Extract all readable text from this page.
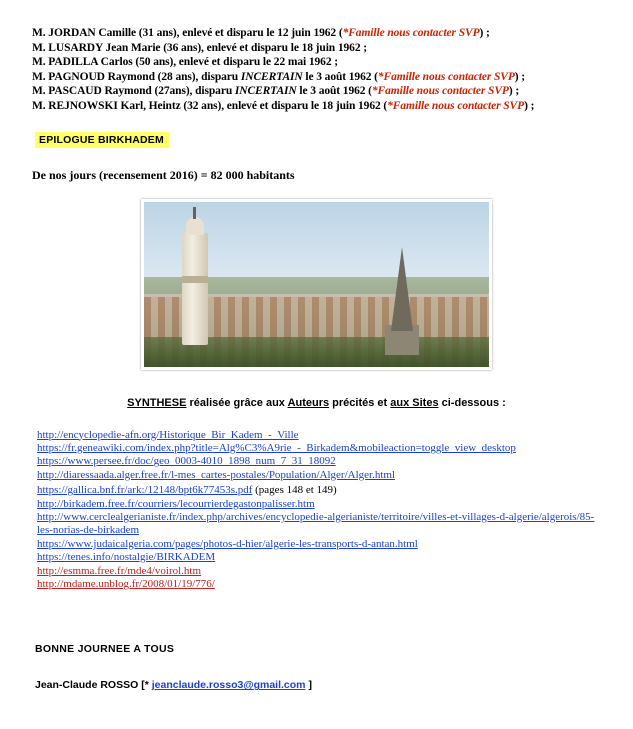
M. JORDAN Camille (31 ans), enlevé et disparu le 12 juin 1962 (*Famille nous contacter SVP) ;
M. LUSARDY Jean Marie (36 ans), enlevé et disparu le 18 juin 1962 ;
M. PADILLA Carlos (50 ans), enlevé et disparu le 22 mai 1962 ;
M. PAGNOUD Raymond (28 ans), disparu INCERTAIN le 3 août 1962 (*Famille nous contacter SVP) ;
M. PASCAUD Raymond (27ans), disparu INCERTAIN le 3 août 1962 (*Famille nous contacter SVP) ;
M. REJNOWSKI Karl, Heintz (32 ans), enlevé et disparu le 18 juin 1962 (*Famille nous contacter SVP) ;
EPILOGUE BIRKHADEM
De nos jours (recensement 2016) = 82 000 habitants
SYNTHESE réalisée grâce aux Auteurs précités et aux Sites ci-dessous :
http://encyclopedie-afn.org/Historique_Bir_Kadem_-_Ville
https://fr.geneawiki.com/index.php?title=Alg%C3%A9rie_-_Birkadem&mobileaction=toggle_view_desktop
https://www.persee.fr/doc/geo_0003-4010_1898_num_7_31_18092
http://diaressaada.alger.free.fr/l-mes_cartes-postales/Population/Alger/Alger.html
https://gallica.bnf.fr/ark:/12148/bpt6k77453s.pdf (pages 148 et 149)
http://birkadem.free.fr/courriers/lecourrierdegastonpalisser.htm
http://www.cerclealgerianiste.fr/index.php/archives/encyclopedie-algerianiste/territoire/villes-et-villages-d-algerie/algerois/85-les-norias-de-birkadem
https://www.judaicalgeria.com/pages/photos-d-hier/algerie-les-transports-d-antan.html
https://tenes.info/nostalgie/BIRKADEM
http://esmma.free.fr/mde4/voirol.htm
http://mdame.unblog.fr/2008/01/19/776/
BONNE JOURNEE A TOUS
Jean-Claude ROSSO [* jeanclaude.rosso3@gmail.com ]
